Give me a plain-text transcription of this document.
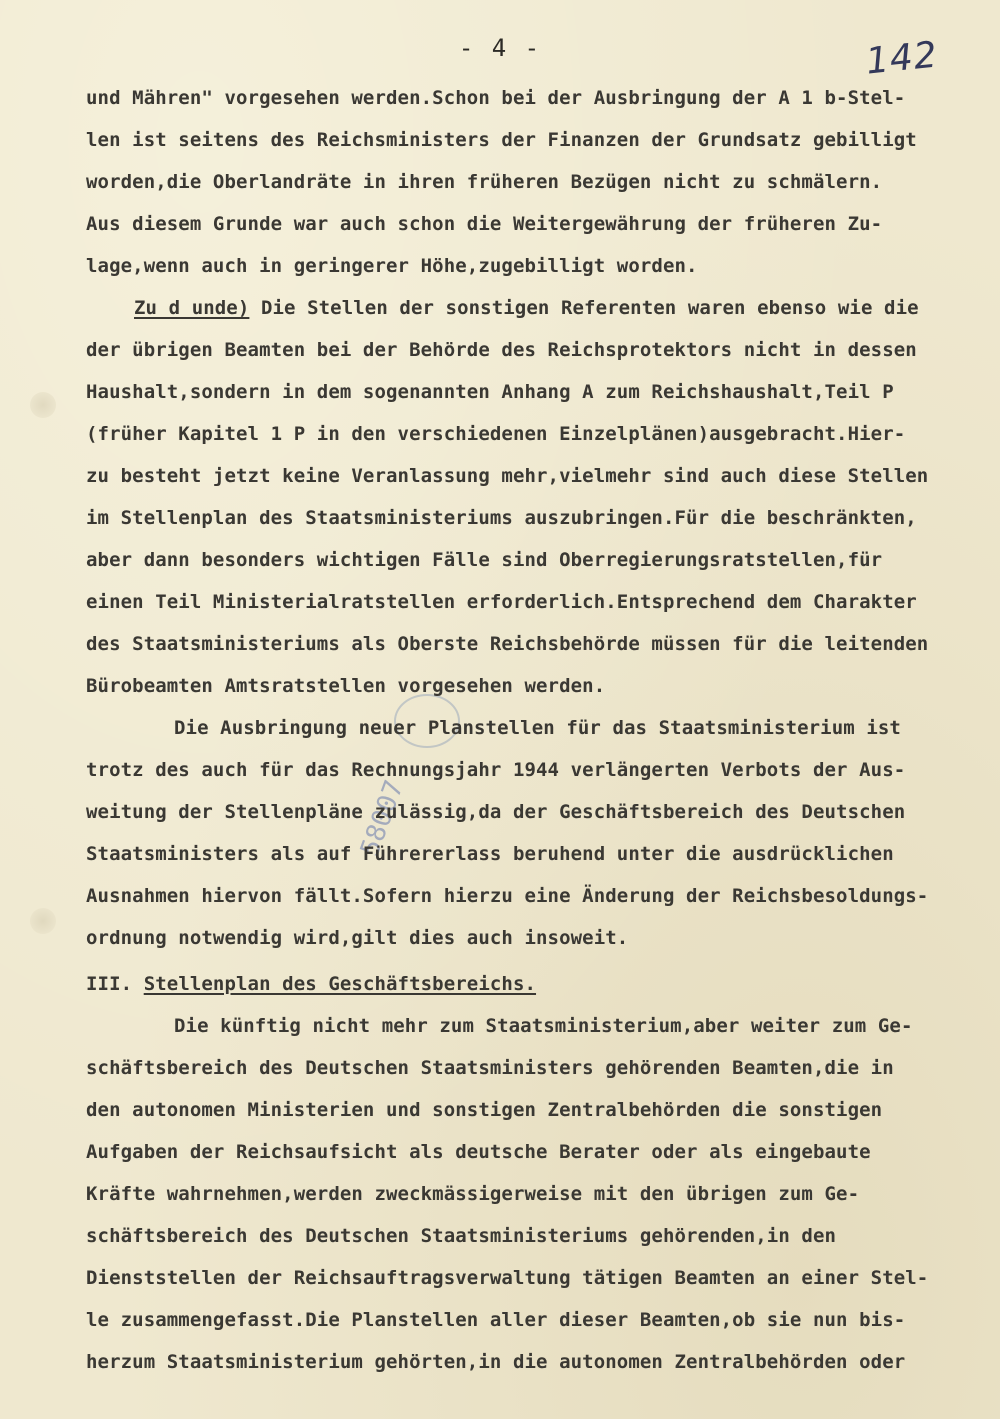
- 4 -	142
58007
und Mähren" vorgesehen werden.Schon bei der Ausbringung der A 1 b-Stel-
len ist seitens des Reichsministers der Finanzen der Grundsatz gebilligt
worden,die Oberlandräte in ihren früheren Bezügen nicht zu schmälern.
Aus diesem Grunde war auch schon die Weitergewährung der früheren Zu-
lage,wenn auch in geringerer Höhe,zugebilligt worden.
Zu d unde) Die Stellen der sonstigen Referenten waren ebenso wie die
der übrigen Beamten bei der Behörde des Reichsprotektors nicht in dessen
Haushalt,sondern in dem sogenannten Anhang A zum Reichshaushalt,Teil P
(früher Kapitel 1 P in den verschiedenen Einzelplänen)ausgebracht.Hier-
zu besteht jetzt keine Veranlassung mehr,vielmehr sind auch diese Stellen
im Stellenplan des Staatsministeriums auszubringen.Für die beschränkten,
aber dann besonders wichtigen Fälle sind Oberregierungsratstellen,für
einen Teil Ministerialratstellen erforderlich.Entsprechend dem Charakter
des Staatsministeriums als Oberste Reichsbehörde müssen für die leitenden
Bürobeamten Amtsratstellen vorgesehen werden.
Die Ausbringung neuer Planstellen für das Staatsministerium ist
trotz des auch für das Rechnungsjahr 1944 verlängerten Verbots der Aus-
weitung der Stellenpläne zulässig,da der Geschäftsbereich des Deutschen
Staatsministers als auf Führererlass beruhend unter die ausdrücklichen
Ausnahmen hiervon fällt.Sofern hierzu eine Änderung der Reichsbesoldungs-
ordnung notwendig wird,gilt dies auch insoweit.
III. Stellenplan des Geschäftsbereichs.
Die künftig nicht mehr zum Staatsministerium,aber weiter zum Ge-
schäftsbereich des Deutschen Staatsministers gehörenden Beamten,die in
den autonomen Ministerien und sonstigen Zentralbehörden die sonstigen
Aufgaben der Reichsaufsicht als deutsche Berater oder als eingebaute
Kräfte wahrnehmen,werden zweckmässigerweise mit den übrigen zum Ge-
schäftsbereich des Deutschen Staatsministeriums gehörenden,in den
Dienststellen der Reichsauftragsverwaltung tätigen Beamten an einer Stel-
le zusammengefasst.Die Planstellen aller dieser Beamten,ob sie nun bis-
herzum Staatsministerium gehörten,in die autonomen Zentralbehörden oder
